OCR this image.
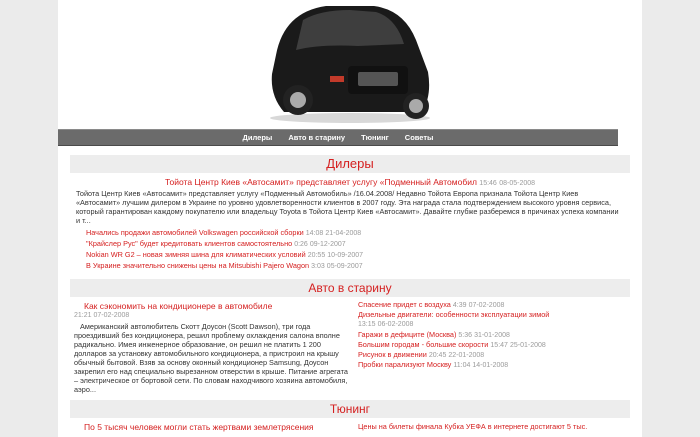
Дилеры Авто в старину Тюнинг Советы
Дилеры
Тойота Центр Киев «Автосамит» представляет услугу «Подменный Автомобил 15:46 08-05-2008
Тойота Центр Киев «Автосамит» представляет услугу «Подменный Автомобиль» /16.04.2008/ Недавно Тойота Европа признала Тойота Центр Киев «Автосамит» лучшим дилером в Украине по уровню удовлетворенности клиентов в 2007 году. Эта награда стала подтверждением высокого уровня сервиса, который гарантирован каждому покупателю или владельцу Toyota в Тойота Центр Киев «Автосамит». Давайте глубже разберемся в причинах успеха компании и т...
Начались продажи автомобилей Volkswagen российской сборки 14:08 21-04-2008
"Крайслер Рус" будет кредитовать клиентов самостоятельно 0:26 09-12-2007
Nokian WR G2 – новая зимняя шина для климатических условий 20:55 10-09-2007
В Украине значительно снижены цены на Mitsubishi Pajero Wagon 3:03 05-09-2007
Авто в старину
Как сэкономить на кондиционере в автомобиле
21:21 07-02-2008
Американский автолюбитель Скотт Доусон (Scott Dawson), три года проездивший без кондиционера, решил проблему охлаждения салона вполне радикально. Имея инженерное образование, он решил не платить 1 200 долларов за установку автомобильного кондиционера, а пристроил на крышу обычный бытовой. Взяв за основу оконный кондиционер Samsung, Доусон закрепил его над специально вырезанном отверстии в крыше. Питание агрегата – электрическое от бортовой сети. По словам находчивого хозяина автомобиля, аэро...
Спасение придет с воздуха 4:39 07-02-2008
Дизельные двигатели: особенности эксплуатации зимой
13:15 06-02-2008
Гаражи в дефиците (Москва) 5:36 31-01-2008
Большим городам - большие скорости 15:47 25-01-2008
Рисунок в движении 20:45 22-01-2008
Пробки парализуют Москву 11:04 14-01-2008
Тюнинг
По 5 тысяч человек могли стать жертвами землетрясения	Цены на билеты финала Кубка УЕФА в интернете достигают 5 тыс.
